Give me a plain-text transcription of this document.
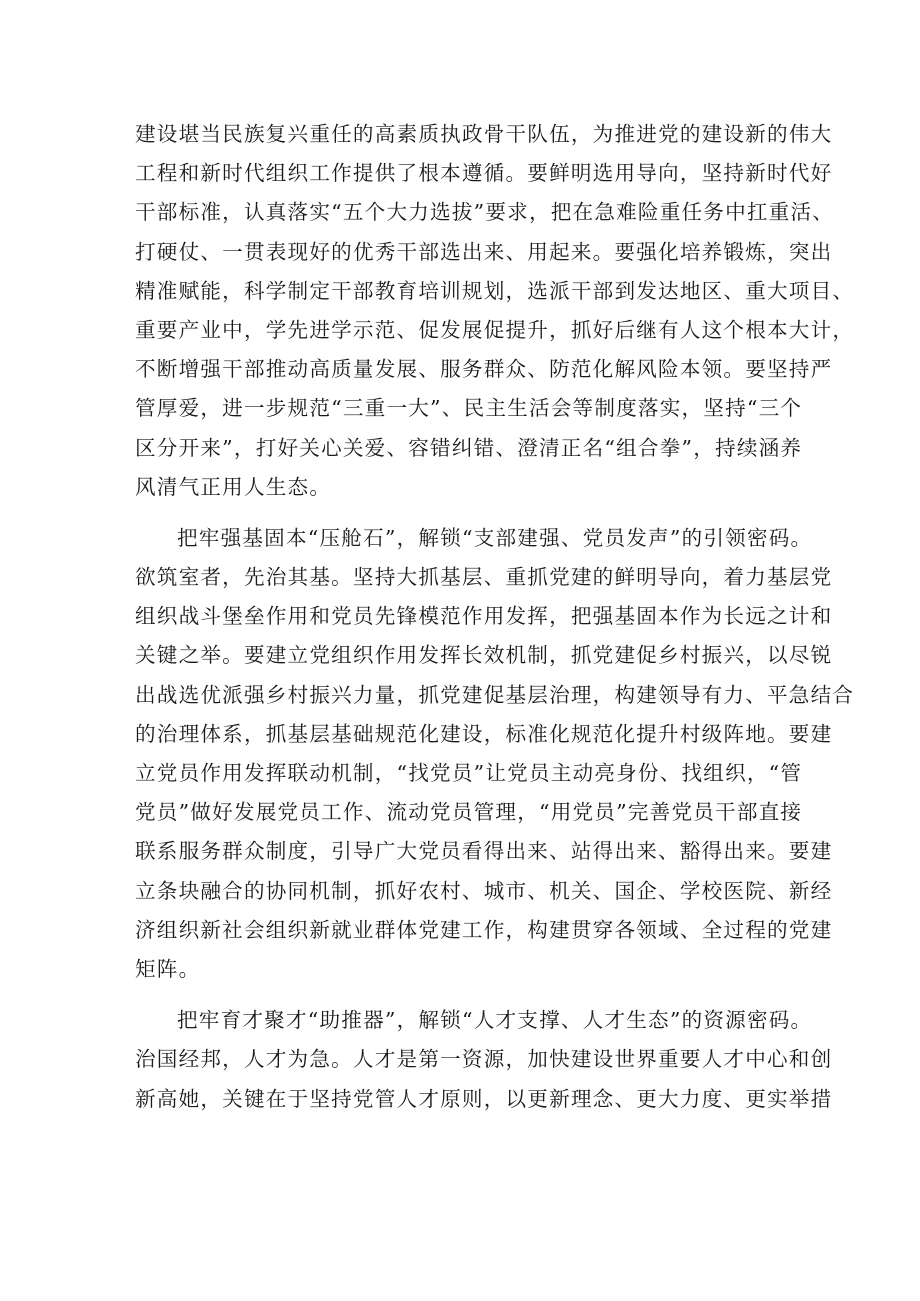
建设堪当民族复兴重任的高素质执政骨干队伍，为推进党的建设新的伟大
工程和新时代组织工作提供了根本遵循。要鲜明选用导向，坚持新时代好
干部标准，认真落实“五个大力选拔”要求，把在急难险重任务中扛重活、
打硬仗、一贯表现好的优秀干部选出来、用起来。要强化培养锻炼，突出
精准赋能，科学制定干部教育培训规划，选派干部到发达地区、重大项目、
重要产业中，学先进学示范、促发展促提升，抓好后继有人这个根本大计，
不断增强干部推动高质量发展、服务群众、防范化解风险本领。要坚持严
管厚爱，进一步规范“三重一大”、民主生活会等制度落实，坚持“三个
区分开来”，打好关心关爱、容错纠错、澄清正名“组合拳”，持续涵养
风清气正用人生态。
把牢强基固本“压舱石”，解锁“支部建强、党员发声”的引领密码。
欲筑室者，先治其基。坚持大抓基层、重抓党建的鲜明导向，着力基层党
组织战斗堡垒作用和党员先锋模范作用发挥，把强基固本作为长远之计和
关键之举。要建立党组织作用发挥长效机制，抓党建促乡村振兴，以尽锐
出战选优派强乡村振兴力量，抓党建促基层治理，构建领导有力、平急结合
的治理体系，抓基层基础规范化建设，标准化规范化提升村级阵地。要建
立党员作用发挥联动机制，“找党员”让党员主动亮身份、找组织，“管
党员”做好发展党员工作、流动党员管理，“用党员”完善党员干部直接
联系服务群众制度，引导广大党员看得出来、站得出来、豁得出来。要建
立条块融合的协同机制，抓好农村、城市、机关、国企、学校医院、新经
济组织新社会组织新就业群体党建工作，构建贯穿各领域、全过程的党建
矩阵。
把牢育才聚才“助推器”，解锁“人才支撑、人才生态”的资源密码。
治国经邦，人才为急。人才是第一资源，加快建设世界重要人才中心和创
新高她，关键在于坚持党管人才原则，以更新理念、更大力度、更实举措
